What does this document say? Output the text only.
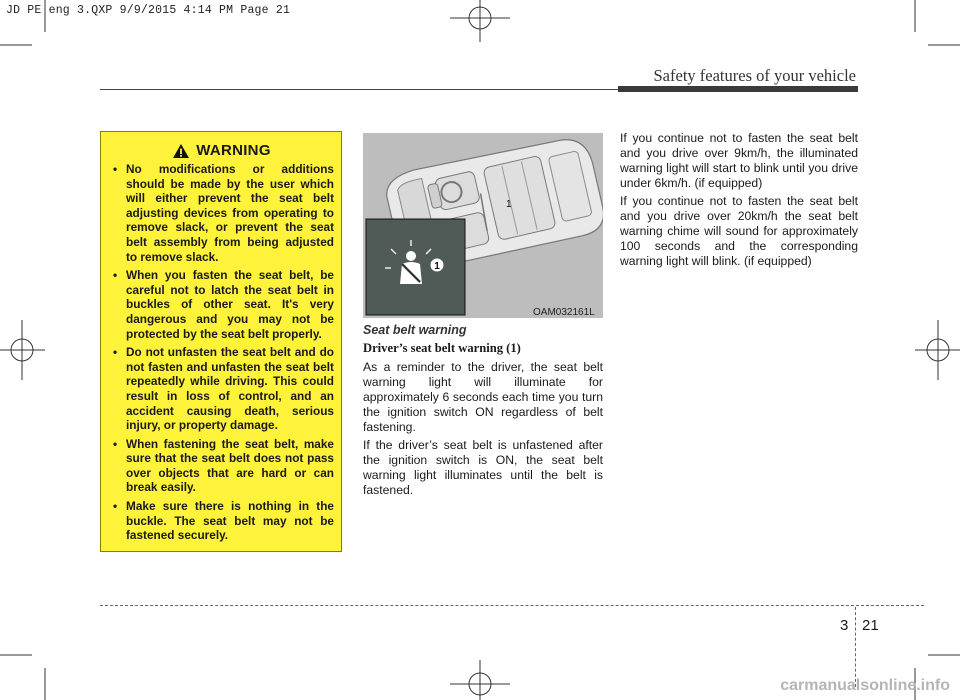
JD PE eng 3.QXP 9/9/2015 4:14 PM Page 21
Safety features of your vehicle
WARNING
• No modifications or additions should be made by the user which will either prevent the seat belt adjusting devices from operating to remove slack, or prevent the seat belt assembly from being adjusted to remove slack.
• When you fasten the seat belt, be careful not to latch the seat belt in buckles of other seat. It's very dangerous and you may not be protected by the seat belt properly.
• Do not unfasten the seat belt and do not fasten and unfasten the seat belt repeatedly while driving. This could result in loss of control, and an accident causing death, serious injury, or property damage.
• When fastening the seat belt, make sure that the seat belt does not pass over objects that are hard or can break easily.
• Make sure there is nothing in the buckle. The seat belt may not be fastened securely.
1
1
OAM032161L
Seat belt warning
Driver’s seat belt warning (1)

As a reminder to the driver, the seat belt warning light will illuminate for approximately 6 seconds each time you turn the ignition switch ON regardless of belt fastening.

If the driver’s seat belt is unfastened after the ignition switch is ON, the seat belt warning light illuminates until the belt is fastened.

If you continue not to fasten the seat belt and you drive over 9km/h, the illuminated warning light will start to blink until you drive under 6km/h. (if equipped)

If you continue not to fasten the seat belt and you drive over 20km/h the seat belt warning chime will sound for approximately 100 seconds and the corresponding warning light will blink. (if equipped)

3 21
carmanualsonline.info
